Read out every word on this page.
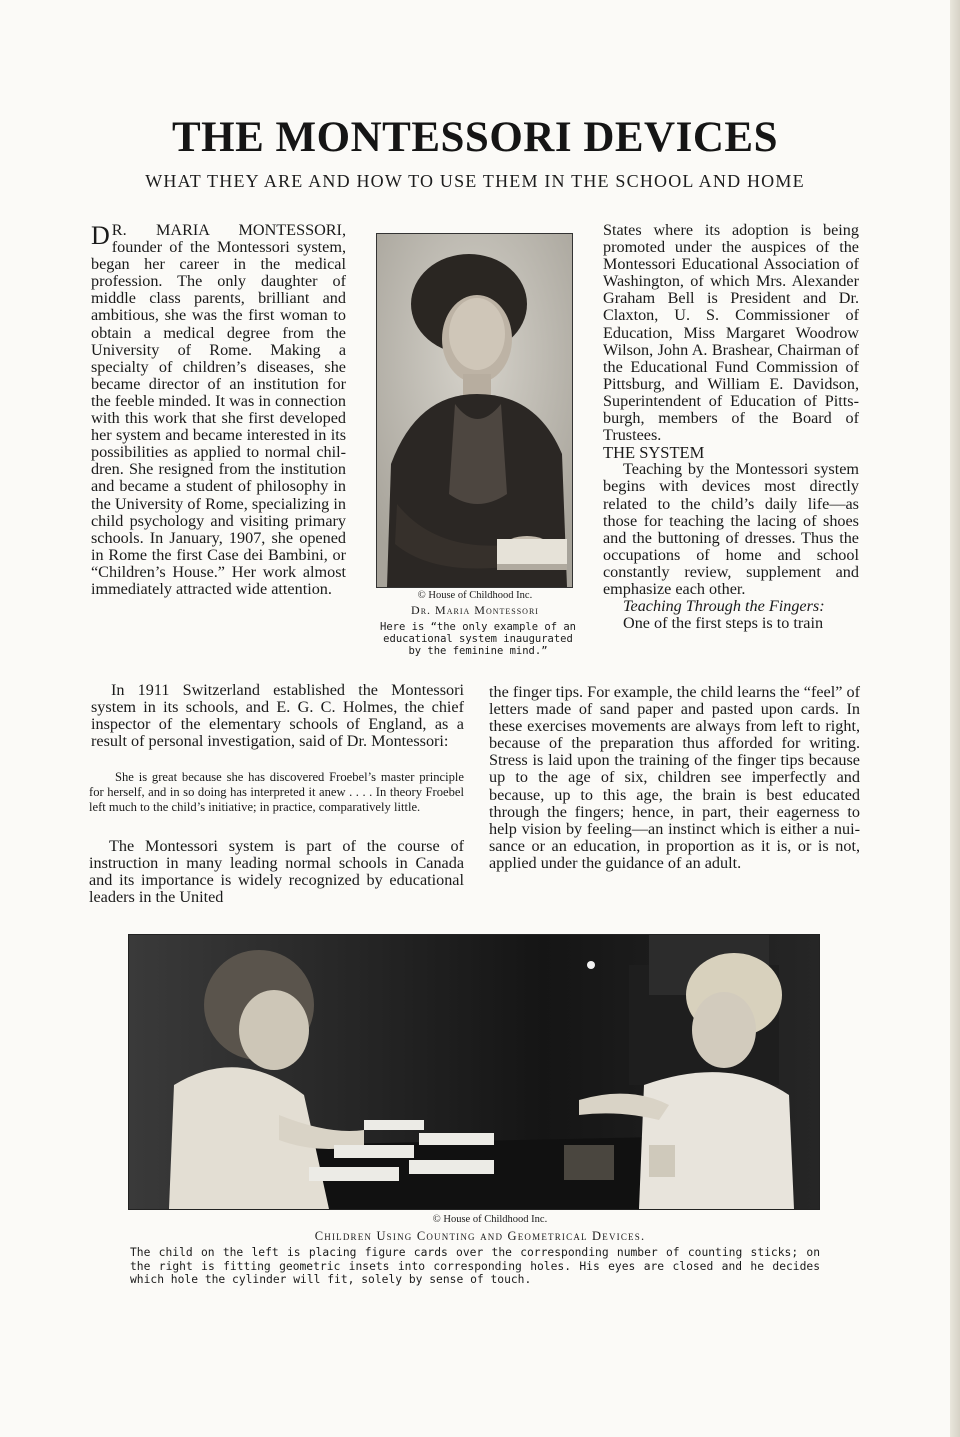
THE MONTESSORI DEVICES
WHAT THEY ARE AND HOW TO USE THEM IN THE SCHOOL AND HOME

D R. MARIA MONTESSORI, founder of the Montessori system, began her career in the medical profession. The only daughter of middle class parents, brilliant and ambitious, she was the first woman to obtain a medical degree from the University of Rome. Making a specialty of children’s diseases, she became director of an institution for the feeble minded. It was in connection with this work that she first developed her system and became interested in its possibilities as applied to normal children. She resigned from the institution and became a student of philosophy in the University of Rome, specializing in child psychology and visiting primary schools. In January, 1907, she opened in Rome the first Case dei Bambini, or “Children’s House.” Her work almost immediately attracted wide attention.

In 1911 Switzerland established the Montessori system in its schools, and E. G. C. Holmes, the chief inspector of the elementary schools of England, as a result of personal investigation, said of Dr. Montessori:

She is great because she has discovered Froebel’s master principle for herself, and in so doing has interpreted it anew . . . . In theory Froebel left much to the child’s initiative; in practice, comparatively little.

The Montessori system is part of the course of instruction in many leading normal schools in Canada and its importance is widely recognized by educational leaders in the United

© House of Childhood Inc.
Dr. Maria Montessori
Here is “the only example of an educational system inaugurated by the feminine mind.”

States where its adoption is being promoted under the auspices of the Montessori Educational Association of Washington, of which Mrs. Alexander Graham Bell is President and Dr. Claxton, U. S. Commissioner of Education, Miss Margaret Woodrow Wilson, John A. Brashear, Chairman of the Educational Fund Commission of Pittsburg, and William E. Davidson, Superintendent of Education of Pittsburgh, members of the Board of Trustees.

THE SYSTEM

Teaching by the Montessori system begins with devices most directly related to the child’s daily life—as those for teaching the lacing of shoes and the buttoning of dresses. Thus the occupations of home and school constantly review, supplement and emphasize each other.

Teaching Through the Fingers:

One of the first steps is to train

the finger tips. For example, the child learns the “feel” of letters made of sand paper and pasted upon cards. In these exercises movements are always from left to right, because of the preparation thus afforded for writing. Stress is laid upon the training of the finger tips because up to the age of six, children see imperfectly and because, up to this age, the brain is best educated through the fingers; hence, in part, their eagerness to help vision by feeling—an instinct which is either a nuisance or an education, in proportion as it is, or is not, applied under the guidance of an adult.

© House of Childhood Inc.
Children Using Counting and Geometrical Devices.
The child on the left is placing figure cards over the corresponding number of counting sticks; on the right is fitting geometric insets into corresponding holes. His eyes are closed and he decides which hole the cylinder will fit, solely by sense of touch.
